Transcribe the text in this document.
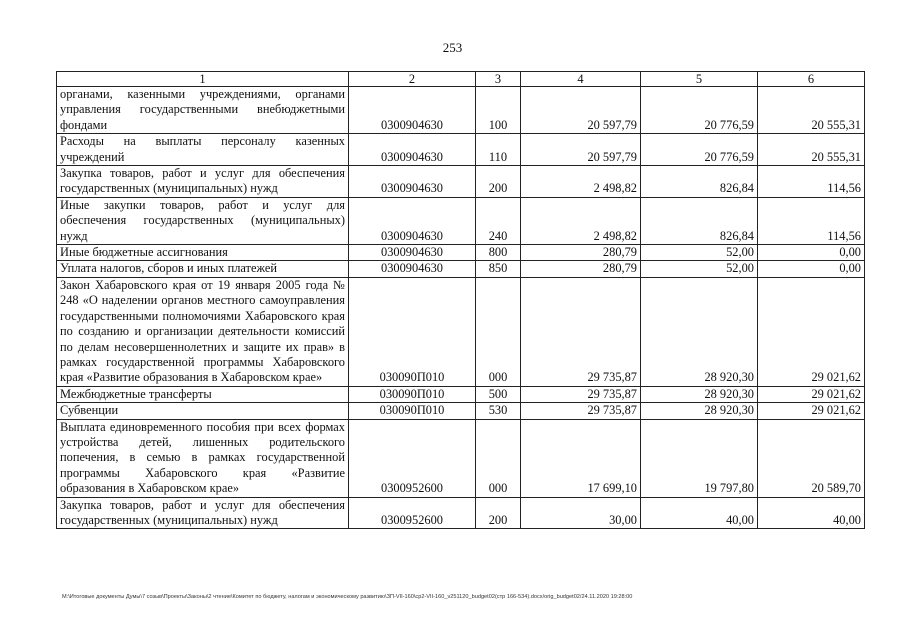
253
1	2	3	4	5	6
органами, казенными учреждениями, органами управления государственными внебюджетными фондами	0300904630	100	20 597,79	20 776,59	20 555,31
Расходы на выплаты персоналу казенных учреждений	0300904630	110	20 597,79	20 776,59	20 555,31
Закупка товаров, работ и услуг для обеспечения государственных (муниципальных) нужд	0300904630	200	2 498,82	826,84	114,56
Иные закупки товаров, работ и услуг для обеспечения государственных (муниципальных) нужд	0300904630	240	2 498,82	826,84	114,56
Иные бюджетные ассигнования	0300904630	800	280,79	52,00	0,00
Уплата налогов, сборов и иных платежей	0300904630	850	280,79	52,00	0,00
Закон Хабаровского края от 19 января 2005 года № 248 «О наделении органов местного самоуправления государственными полномочиями Хабаровского края по созданию и организации деятельности комиссий по делам несовершеннолетних и защите их прав» в рамках государственной программы Хабаровского края «Развитие образования в Хабаровском крае»	030090П010	000	29 735,87	28 920,30	29 021,62
Межбюджетные трансферты	030090П010	500	29 735,87	28 920,30	29 021,62
Субвенции	030090П010	530	29 735,87	28 920,30	29 021,62
Выплата единовременного пособия при всех формах устройства детей, лишенных родительского попечения, в семью в рамках государственной программы Хабаровского края «Развитие образования в Хабаровском крае»	0300952600	000	17 699,10	19 797,80	20 589,70
Закупка товаров, работ и услуг для обеспечения государственных (муниципальных) нужд	0300952600	200	30,00	40,00	40,00
M:\Итоговые документы Думы\7 созыв\Проекты\Законы\2 чтение\Комитет по бюджету, налогам и экономическому развитию\ЗП-VII-160\ср2-VII-160_v251120_budget02(стр 166-534).docx/orig_budget02/24.11.2020 19:28:00
